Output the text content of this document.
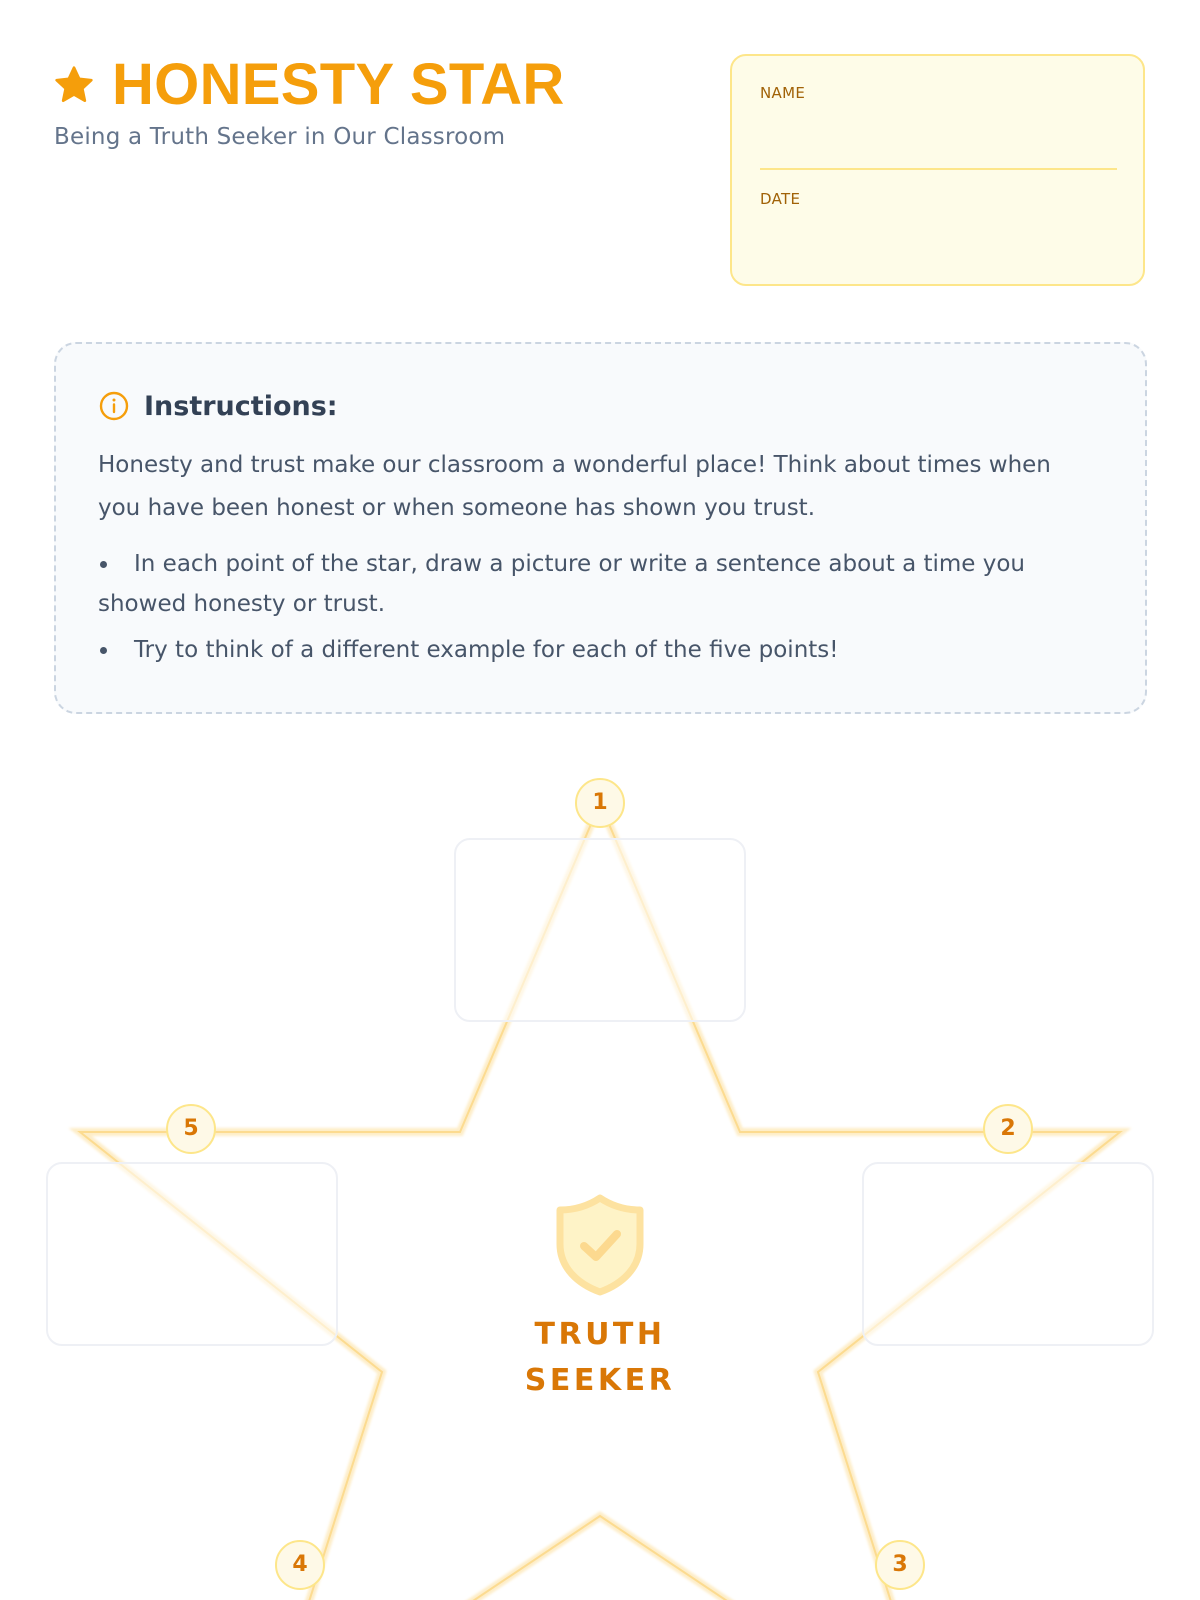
HONESTY STAR
Being a Truth Seeker in Our Classroom
NAME
DATE
Instructions:
Honesty and trust make our classroom a wonderful place! Think about times when you have been honest or when someone has shown you trust.
In each point of the star, draw a picture or write a sentence about a time you showed honesty or trust.
Try to think of a different example for each of the five points!
1
2
3
4
5
TRUTH
SEEKER
